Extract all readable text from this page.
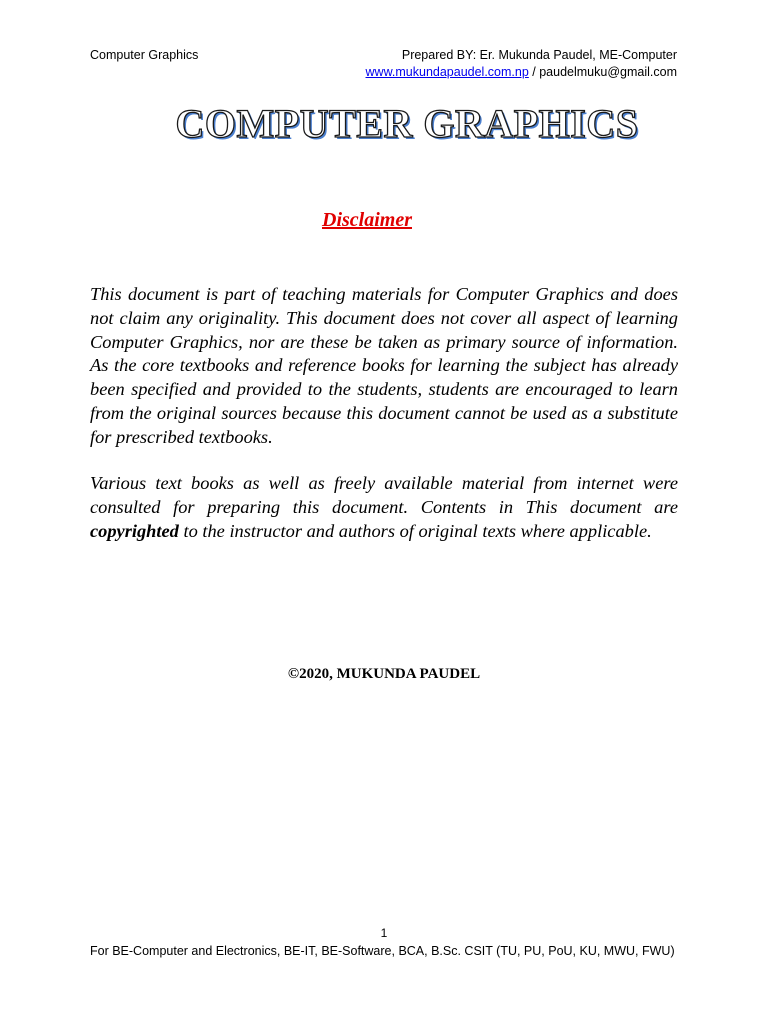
Computer Graphics	Prepared BY: Er. Mukunda Paudel, ME-Computer
www.mukundapaudel.com.np / paudelmuku@gmail.com
COMPUTER GRAPHICS
Disclaimer
This document is part of teaching materials for Computer Graphics and does not claim any originality. This document does not cover all aspect of learning Computer Graphics, nor are these be taken as primary source of information. As the core textbooks and reference books for learning the subject has already been specified and provided to the students, students are encouraged to learn from the original sources because this document cannot be used as a substitute for prescribed textbooks.
Various text books as well as freely available material from internet were consulted for preparing this document. Contents in This document are copyrighted to the instructor and authors of original texts where applicable.
©2020, MUKUNDA PAUDEL
1
For BE-Computer and Electronics, BE-IT, BE-Software, BCA, B.Sc. CSIT (TU, PU, PoU, KU, MWU, FWU)
